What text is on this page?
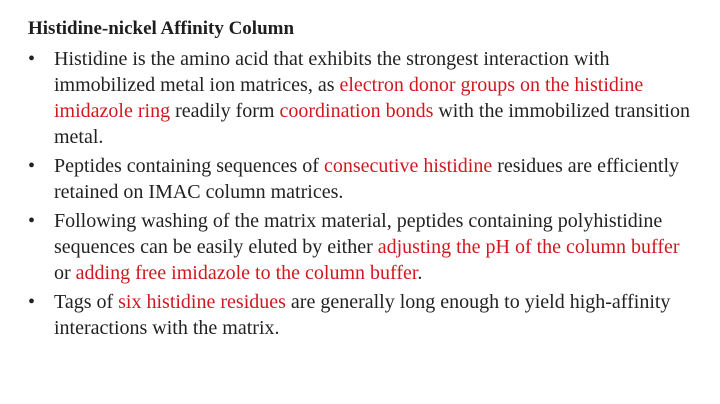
Histidine-nickel Affinity Column
• Histidine is the amino acid that exhibits the strongest interaction with immobilized metal ion matrices, as electron donor groups on the histidine imidazole ring readily form coordination bonds with the immobilized transition metal.
• Peptides containing sequences of consecutive histidine residues are efficiently retained on IMAC column matrices.
• Following washing of the matrix material, peptides containing polyhistidine sequences can be easily eluted by either adjusting the pH of the column buffer or adding free imidazole to the column buffer.
• Tags of six histidine residues are generally long enough to yield high-affinity interactions with the matrix.
